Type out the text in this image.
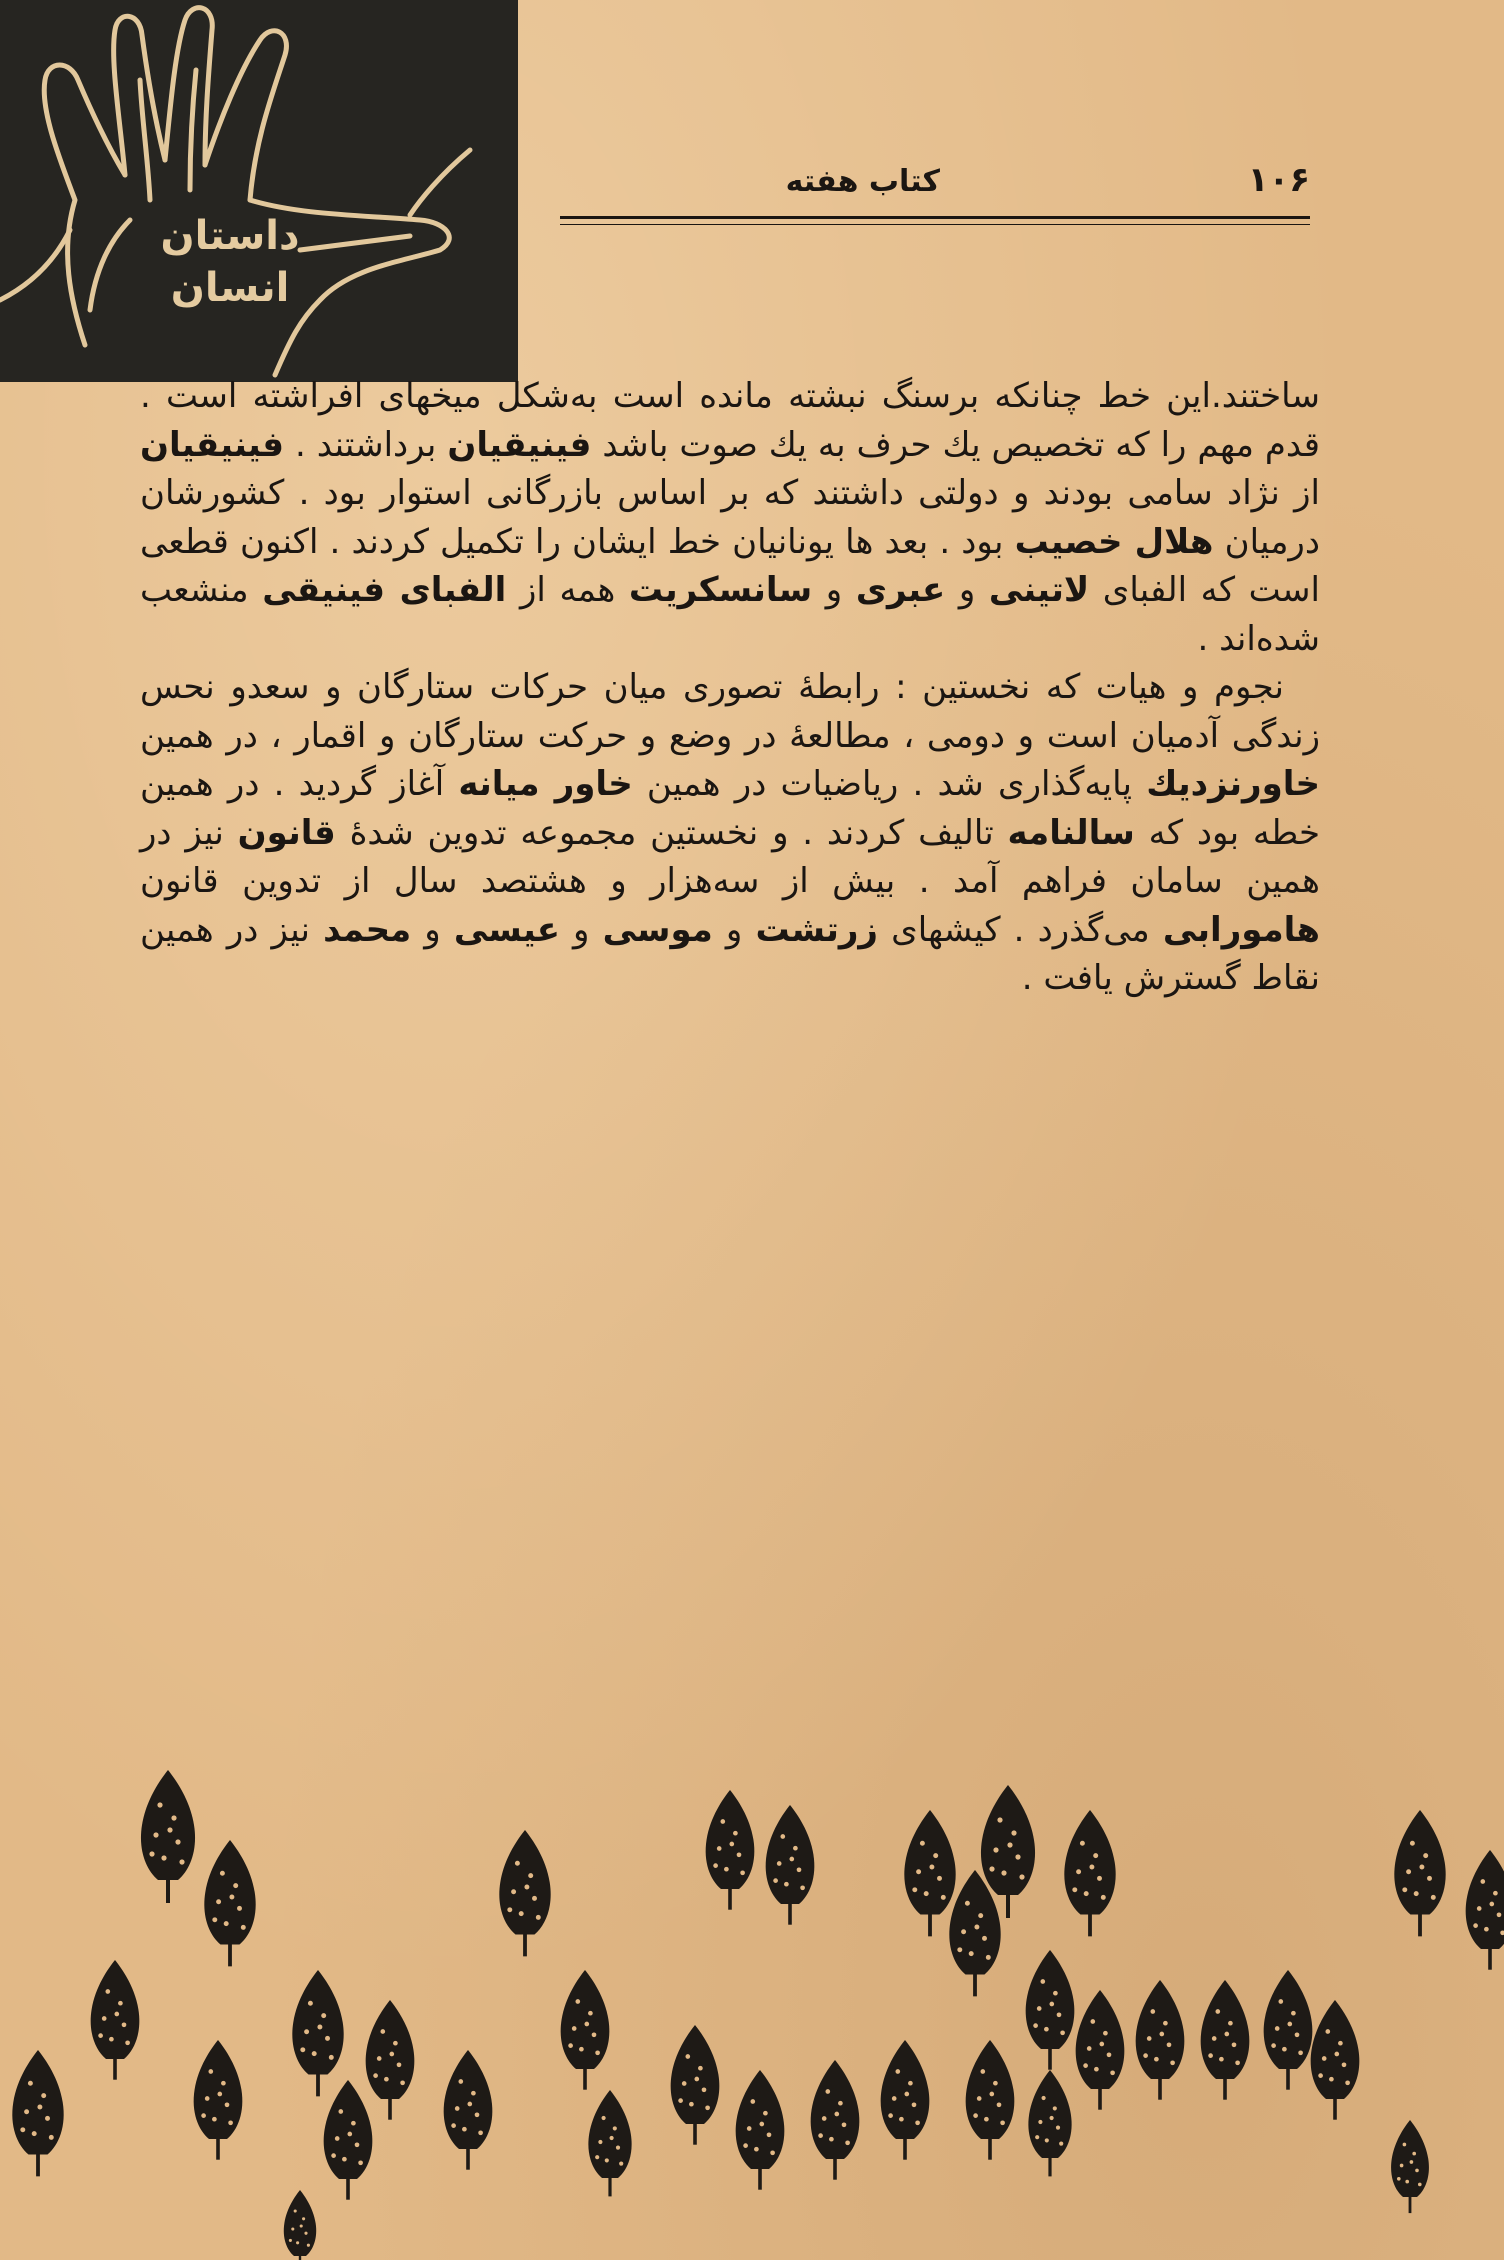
داستان
انسان
۱۰۶
کتاب هفته

ساختند.این خط چنانکه برسنگ نبشته مانده است به‌شکل میخهای افراشته است . قدم مهم را که تخصیص یك حرف به یك صوت باشد فینیقیان برداشتند . فینیقیان از نژاد سامی بودند و دولتی داشتند که بر اساس بازرگانی استوار بود . کشورشان درمیان هلال خصیب بود . بعد ها یونانیان خط ایشان را تکمیل کردند . اکنون قطعی است که الفبای لاتینی و عبری و سانسکریت همه از الفبای فینیقی منشعب شده‌اند .

نجوم و هیات که نخستین : رابطهٔ تصوری میان حرکات ستارگان و سعدو نحس زندگی آدمیان است و دومی ، مطالعهٔ در وضع و حرکت ستارگان و اقمار ، در همین خاورنزدیك پایه‌گذاری شد . ریاضیات در همین خاور میانه آغاز گردید . در همین خطه بود که سالنامه تالیف کردند . و نخستین مجموعه تدوین شدهٔ قانون نیز در همین سامان فراهم آمد . بیش از سه‌هزار و هشتصد سال از تدوین قانون هامورابی می‌گذرد . کیشهای زرتشت و موسی و عیسی و محمد نیز در همین نقاط گسترش یافت .
